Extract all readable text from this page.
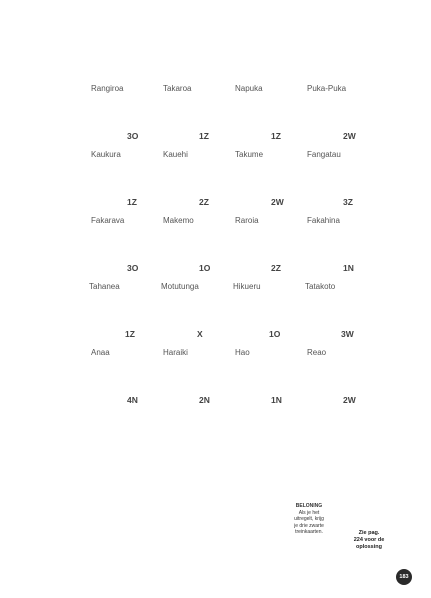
Rangiroa	Takaroa	Napuka	Puka-Puka
3O	1Z	1Z	2W
Kaukura	Kauehi	Takume	Fangatau
1Z	2Z	2W	3Z
Fakarava	Makemo	Raroia	Fakahina
3O	1O	2Z	1N
Tahanea	Motutunga	Hikueru	Tatakoto
1Z	X	1O	3W
Anaa	Haraiki	Hao	Reao
4N	2N	1N	2W
BELONING
Als je het
uitregelt, krijg
je drie zwarte
treinkaarten.	Zie pag.
224 voor de
oplossing
183
